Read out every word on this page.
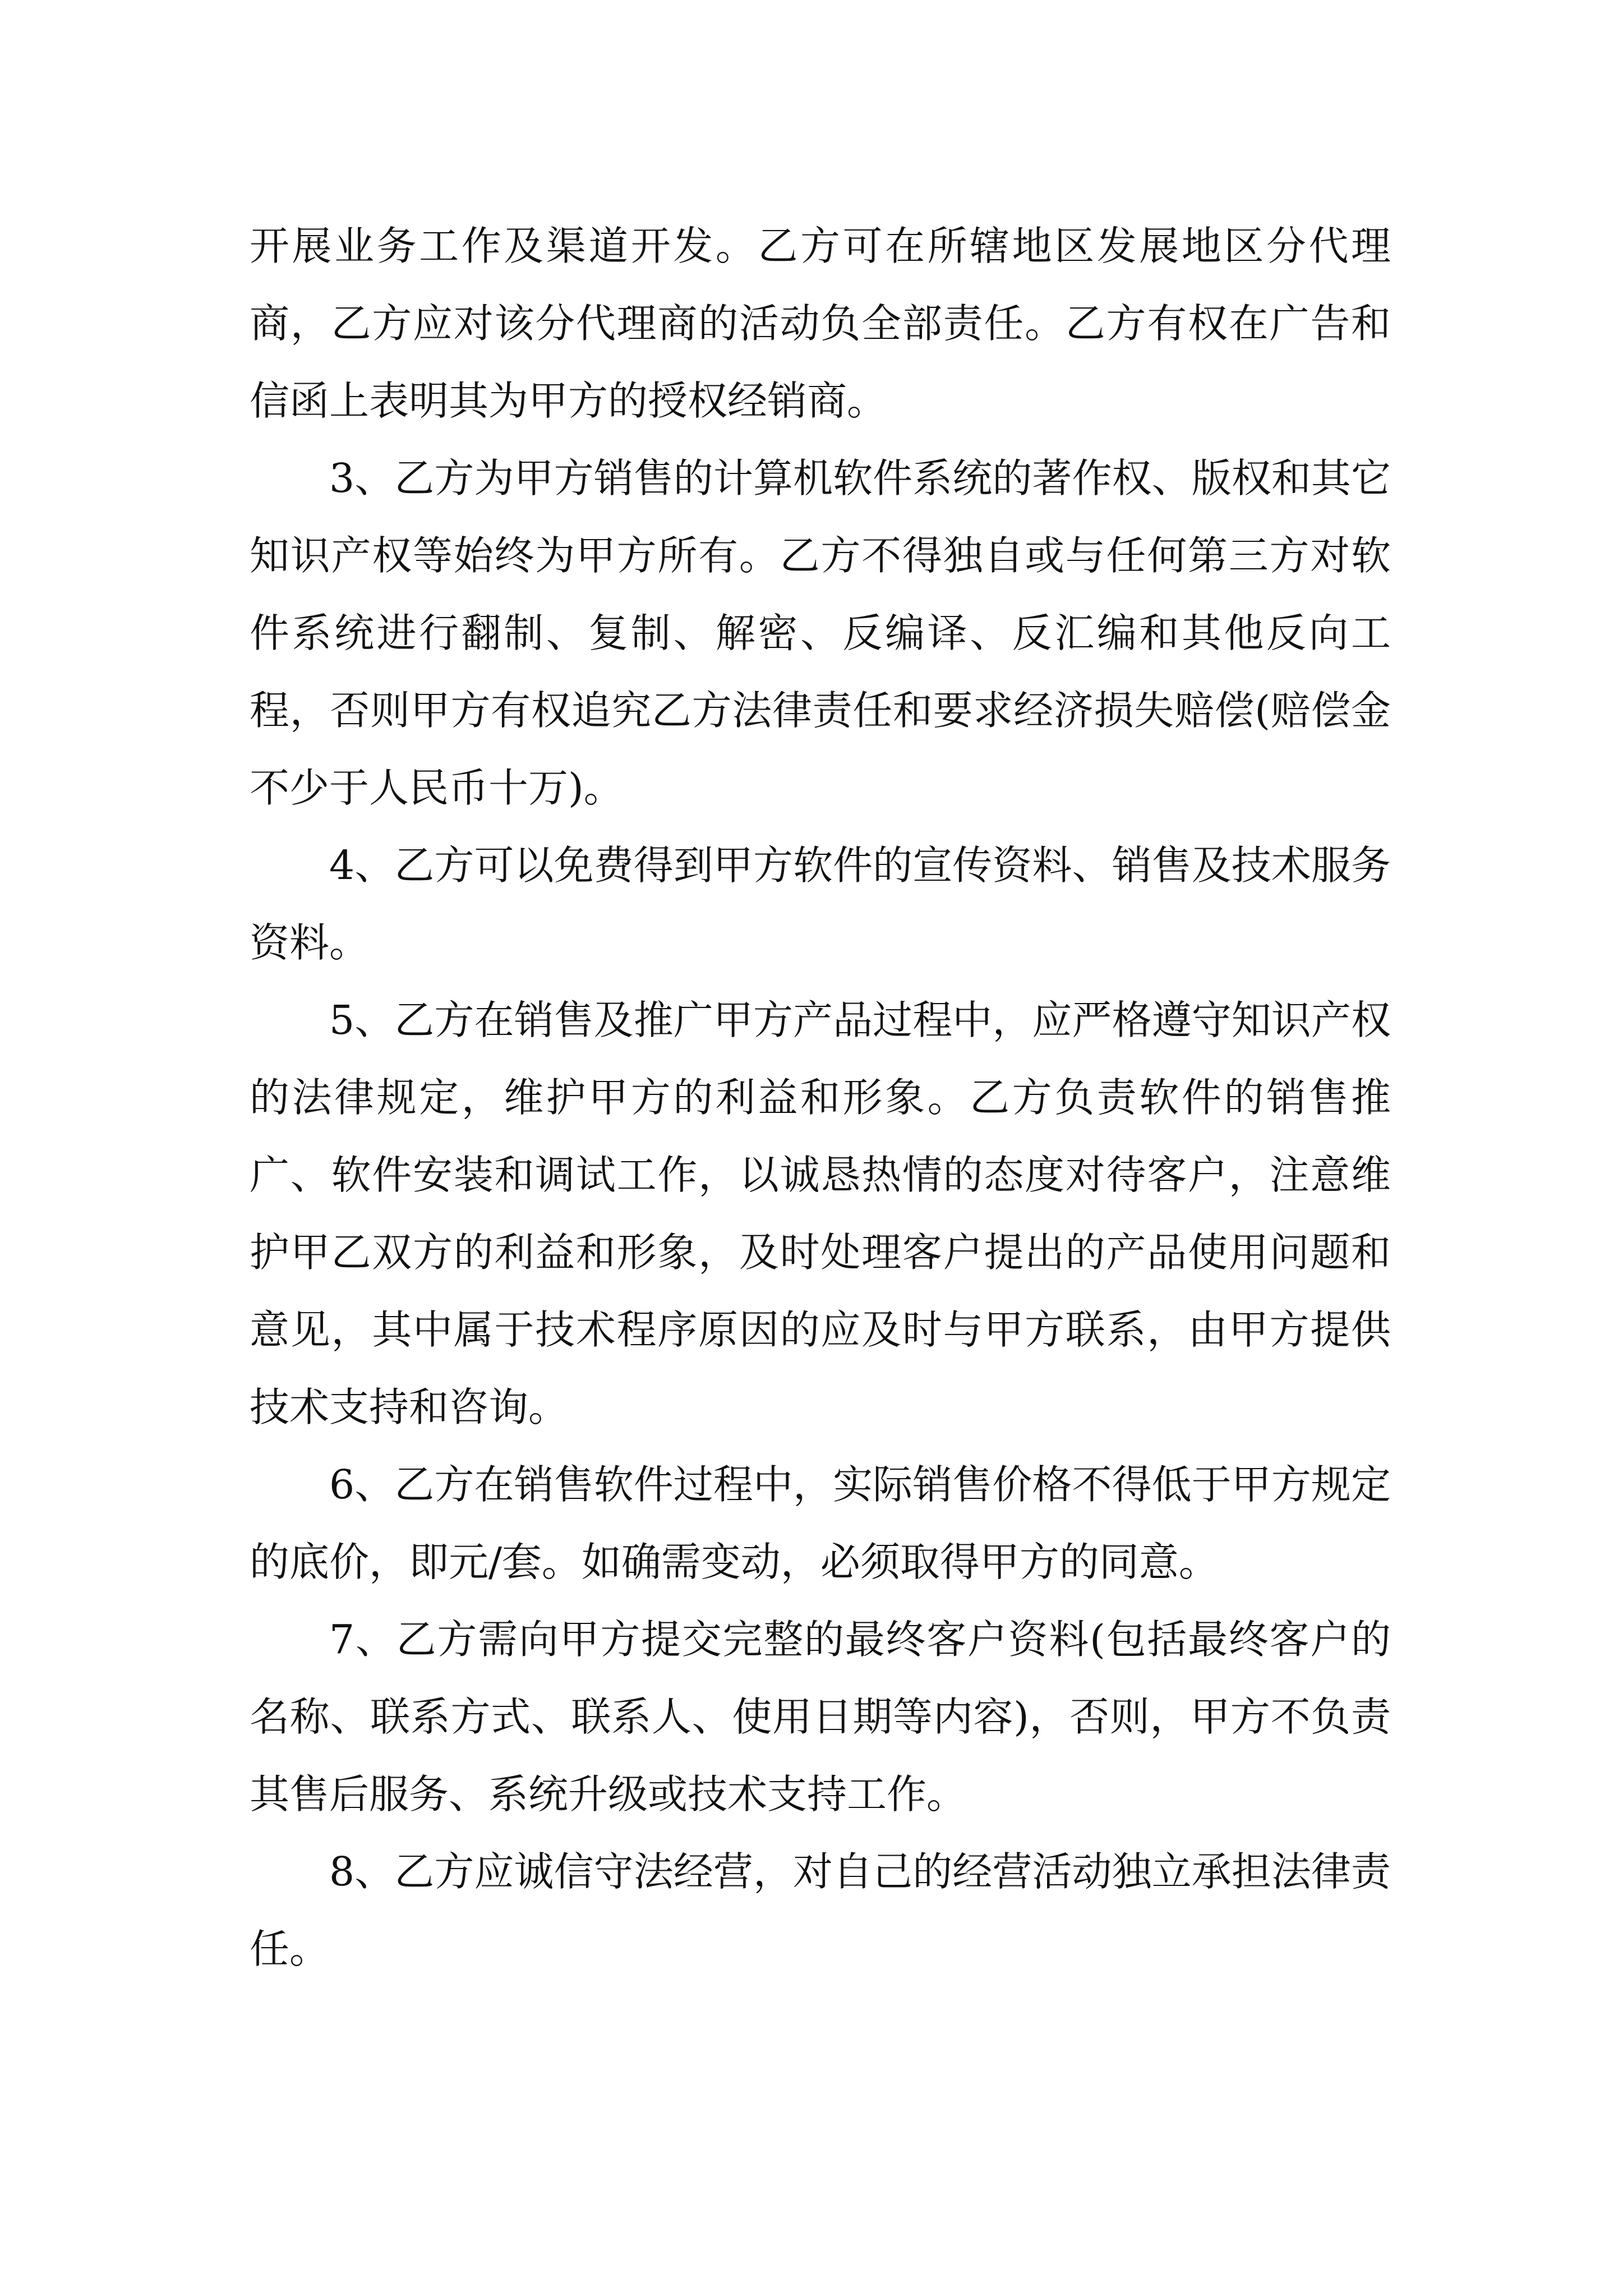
开展业务工作及渠道开发。乙方可在所辖地区发展地区分代理商，乙方应对该分代理商的活动负全部责任。乙方有权在广告和信函上表明其为甲方的授权经销商。

3、乙方为甲方销售的计算机软件系统的著作权、版权和其它知识产权等始终为甲方所有。乙方不得独自或与任何第三方对软件系统进行翻制、复制、解密、反编译、反汇编和其他反向工程，否则甲方有权追究乙方法律责任和要求经济损失赔偿(赔偿金不少于人民币十万)。

4、乙方可以免费得到甲方软件的宣传资料、销售及技术服务资料。

5、乙方在销售及推广甲方产品过程中，应严格遵守知识产权的法律规定，维护甲方的利益和形象。乙方负责软件的销售推广、软件安装和调试工作，以诚恳热情的态度对待客户，注意维护甲乙双方的利益和形象，及时处理客户提出的产品使用问题和意见，其中属于技术程序原因的应及时与甲方联系，由甲方提供技术支持和咨询。

6、乙方在销售软件过程中，实际销售价格不得低于甲方规定的底价，即元/套。如确需变动，必须取得甲方的同意。

7、乙方需向甲方提交完整的最终客户资料(包括最终客户的名称、联系方式、联系人、使用日期等内容)，否则，甲方不负责其售后服务、系统升级或技术支持工作。

8、乙方应诚信守法经营，对自己的经营活动独立承担法律责任。
